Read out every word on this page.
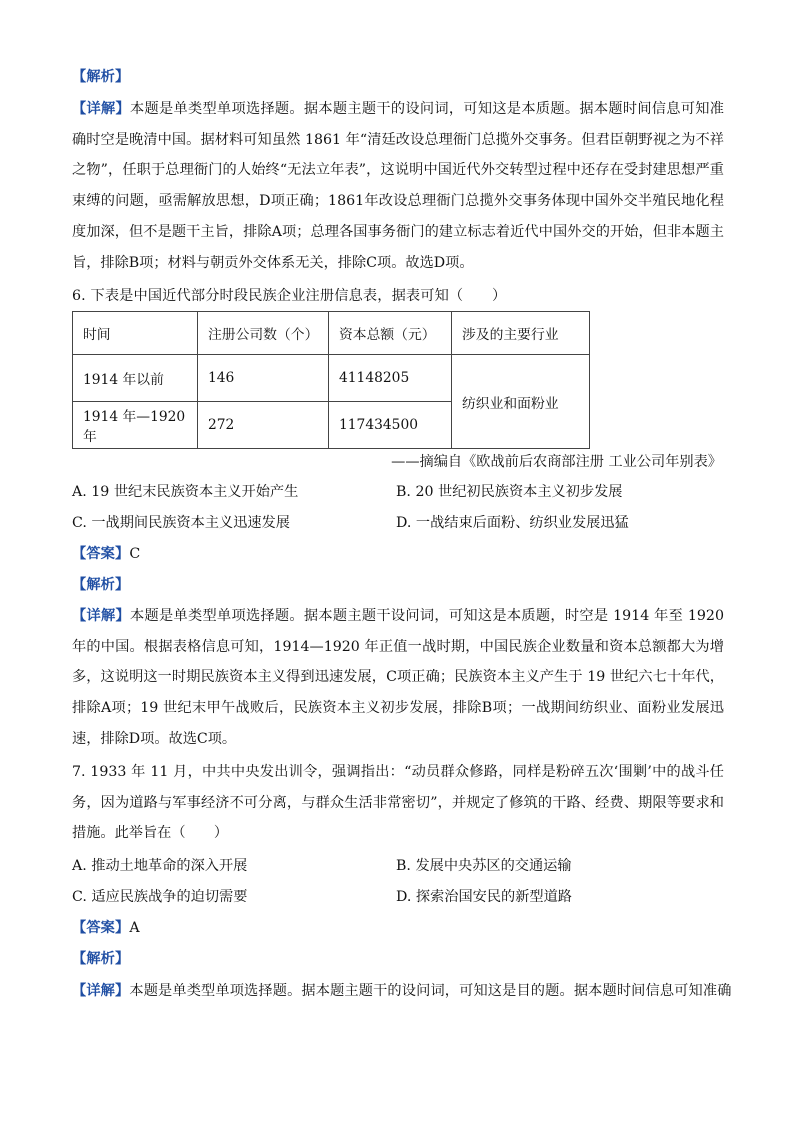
【解析】
【详解】本题是单类型单项选择题。据本题主题干的设问词，可知这是本质题。据本题时间信息可知准确时空是晚清中国。据材料可知虽然 1861 年“清廷改设总理衙门总揽外交事务。但君臣朝野视之为不祥之物”，任职于总理衙门的人始终“无法立年表”，这说明中国近代外交转型过程中还存在受封建思想严重束缚的问题，亟需解放思想，D项正确；1861年改设总理衙门总揽外交事务体现中国外交半殖民地化程度加深，但不是题干主旨，排除A项；总理各国事务衙门的建立标志着近代中国外交的开始，但非本题主旨，排除B项；材料与朝贡外交体系无关，排除C项。故选D项。
6. 下表是中国近代部分时段民族企业注册信息表，据表可知（　　）
时间	注册公司数（个）	资本总额（元）	涉及的主要行业
1914 年以前	146	41148205	纺织业和面粉业
1914 年—1920 年	272	117434500	
——摘编自《欧战前后农商部注册 工业公司年别表》
A. 19 世纪末民族资本主义开始产生	B. 20 世纪初民族资本主义初步发展
C. 一战期间民族资本主义迅速发展	D. 一战结束后面粉、纺织业发展迅猛
【答案】C
【解析】
【详解】本题是单类型单项选择题。据本题主题干设问词，可知这是本质题，时空是 1914 年至 1920 年的中国。根据表格信息可知，1914—1920 年正值一战时期，中国民族企业数量和资本总额都大为增多，这说明这一时期民族资本主义得到迅速发展，C项正确；民族资本主义产生于 19 世纪六七十年代，排除A项；19 世纪末甲午战败后，民族资本主义初步发展，排除B项；一战期间纺织业、面粉业发展迅速，排除D项。故选C项。
7. 1933 年 11 月，中共中央发出训令，强调指出：“动员群众修路，同样是粉碎五次‘围剿’中的战斗任务，因为道路与军事经济不可分离，与群众生活非常密切”，并规定了修筑的干路、经费、期限等要求和措施。此举旨在（　　）
A. 推动土地革命的深入开展	B. 发展中央苏区的交通运输
C. 适应民族战争的迫切需要	D. 探索治国安民的新型道路
【答案】A
【解析】
【详解】本题是单类型单项选择题。据本题主题干的设问词，可知这是目的题。据本题时间信息可知准确
